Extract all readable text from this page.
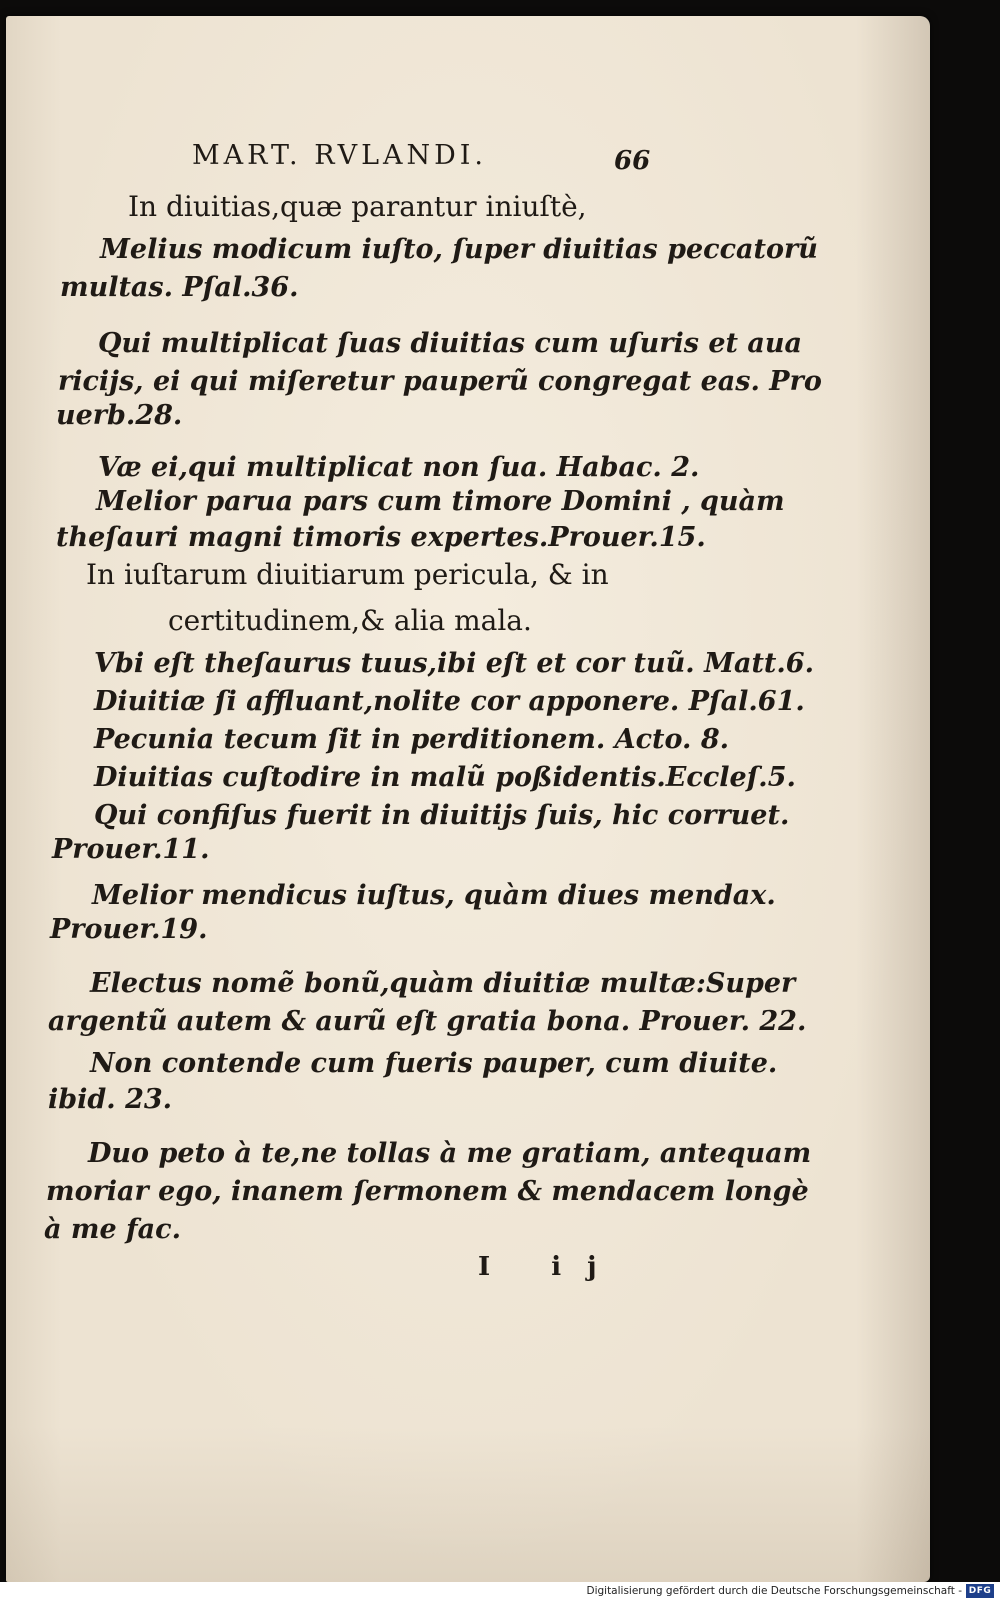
MART. RVLANDI.	66
In diuitias,quæ parantur iniuſtè,
Melius modicum iuſto, ſuper diuitias peccatorũ
multas. Pſal.36.
Qui multiplicat ſuas diuitias cum uſuris et aua
ricijs, ei qui miſeretur pauperũ congregat eas. Pro
uerb.28.
Væ ei,qui multiplicat non ſua. Habac. 2.
Melior parua pars cum timore Domini , quàm
theſauri magni timoris expertes.Prouer.15.
In iuſtarum diuitiarum pericula, & in
certitudinem,& alia mala.
Vbi eſt theſaurus tuus,ibi eſt et cor tuũ. Matt.6.
Diuitiæ ſi affluant,nolite cor apponere. Pſal.61.
Pecunia tecum ſit in perditionem. Acto. 8.
Diuitias cuſtodire in malũ poßidentis.Eccleſ.5.
Qui confiſus fuerit in diuitijs ſuis, hic corruet.
Prouer.11.
Melior mendicus iuſtus, quàm diues mendax.
Prouer.19.
Electus nomẽ bonũ,quàm diuitiæ multæ:Super
argentũ autem & aurũ eſt gratia bona. Prouer. 22.
Non contende cum fueris pauper, cum diuite.
ibid. 23.
Duo peto à te,ne tollas à me gratiam, antequam
moriar ego, inanem ſermonem & mendacem longè
à me fac.
I ij
Digitalisierung gefördert durch die Deutsche Forschungsgemeinschaft - DFG
